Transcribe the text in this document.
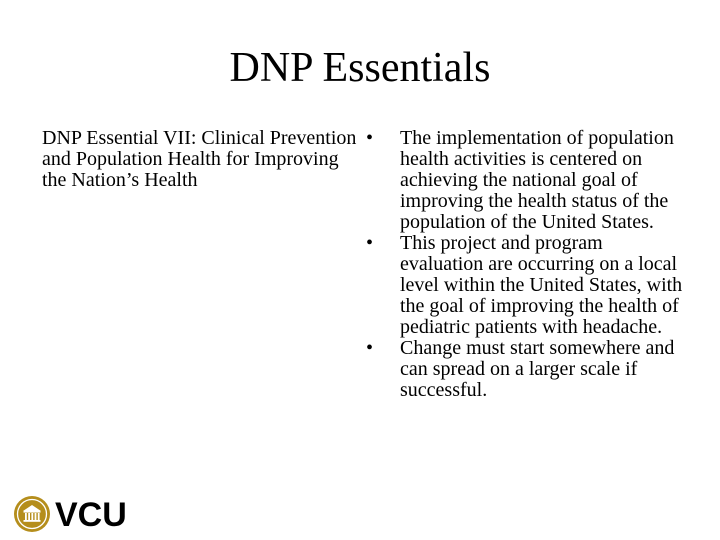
DNP Essentials

DNP Essential VII: Clinical Prevention and Population Health for Improving the Nation’s Health

•	The implementation of population health activities is centered on achieving the national goal of improving the health status of the population of the United States.
•	This project and program evaluation are occurring on a local level within the United States, with the goal of improving the health of pediatric patients with headache.
•	Change must start somewhere and can spread on a larger scale if successful.
VCU
